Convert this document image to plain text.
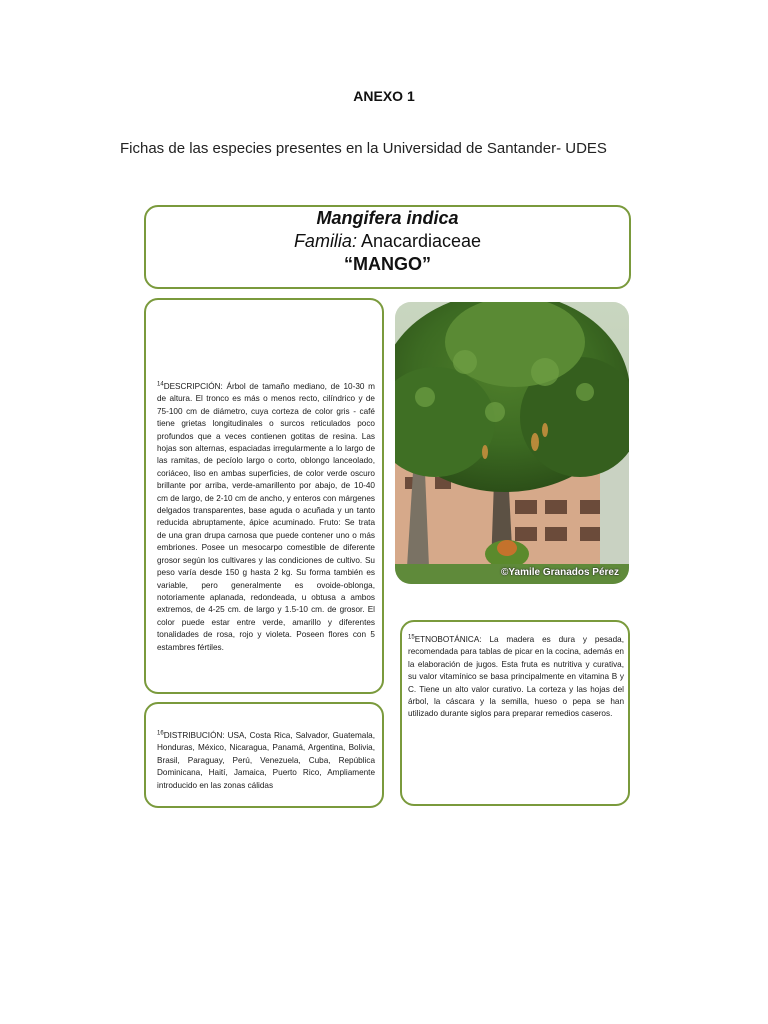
ANEXO 1
Fichas de las especies presentes en la Universidad de Santander- UDES
Mangifera indica
Familia: Anacardiaceae
“MANGO”
$^{14}$DESCRIPCIÓN: Árbol de tamaño mediano, de 10-30 m de altura. El tronco es más o menos recto, cilíndrico y de 75-100 cm de diámetro, cuya corteza de color gris - café tiene grietas longitudinales o surcos reticulados poco profundos que a veces contienen gotitas de resina. Las hojas son alternas, espaciadas irregularmente a lo largo de las ramitas, de pecíolo largo o corto, oblongo lanceolado, coriáceo, liso en ambas superficies, de color verde oscuro brillante por arriba, verde-amarillento por abajo, de 10-40 cm de largo, de 2-10 cm de ancho, y enteros con márgenes delgados transparentes, base aguda o acuñada y un tanto reducida abruptamente, ápice acuminado. Fruto: Se trata de una gran drupa carnosa que puede contener uno o más embriones. Posee un mesocarpo comestible de diferente grosor según los cultivares y las condiciones de cultivo. Su peso varía desde 150 g hasta 2 kg. Su forma también es variable, pero generalmente es ovoide-oblonga, notoriamente aplanada, redondeada, u obtusa a ambos extremos, de 4-25 cm. de largo y 1.5-10 cm. de grosor. El color puede estar entre verde, amarillo y diferentes tonalidades de rosa, rojo y violeta. Poseen flores con 5 estambres fértiles.
©Yamile Granados Pérez
$^{15}$ETNOBOTÁNICA: La madera es dura y pesada, recomendada para tablas de picar en la cocina, además en la elaboración de jugos. Esta fruta es nutritiva y curativa, su valor vitamínico se basa principalmente en vitamina B y C. Tiene un alto valor curativo. La corteza y las hojas del árbol, la cáscara y la semilla, hueso o pepa se han utilizado durante siglos para preparar remedios caseros.
$^{16}$DISTRIBUCIÓN: USA, Costa Rica, Salvador, Guatemala, Honduras, México, Nicaragua, Panamá, Argentina, Bolivia, Brasil, Paraguay, Perú, Venezuela, Cuba, República Dominicana, Haití, Jamaica, Puerto Rico, Ampliamente introducido en las zonas cálidas
